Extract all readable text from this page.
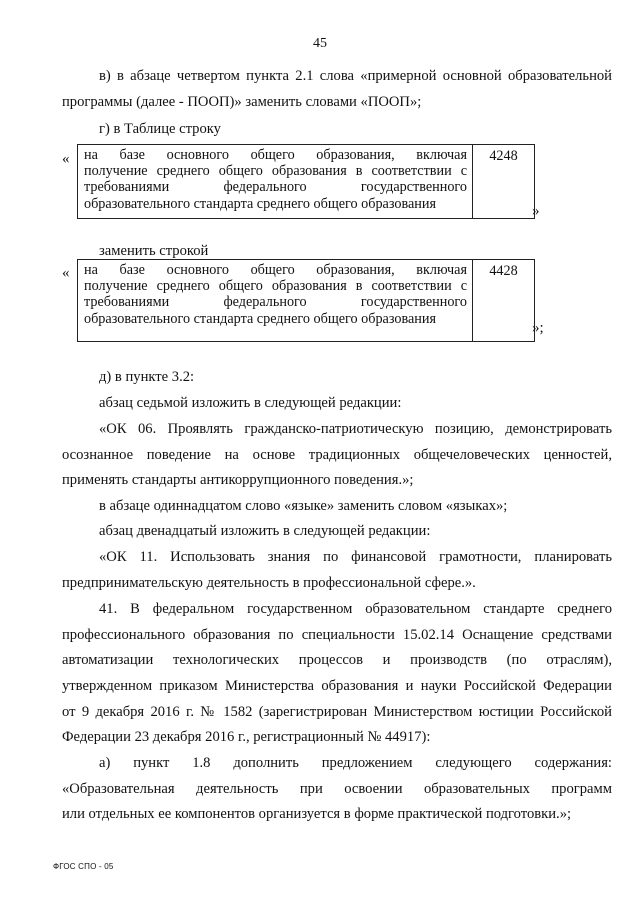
45
в) в абзаце четвертом пункта 2.1 слова «примерной основной образовательной
программы (далее - ПООП)» заменить словами «ПООП»;
г) в Таблице строку
« на базе основного общего образования, включая
получение среднего общего образования в соответствии с
требованиями федерального государственного
образовательного стандарта среднего общего образования
	4248
»
заменить строкой
« на базе основного общего образования, включая
получение среднего общего образования в соответствии с
требованиями федерального государственного
образовательного стандарта среднего общего образования
	4428
»;
д) в пункте 3.2:
абзац седьмой изложить в следующей редакции:
«ОК 06. Проявлять гражданско-патриотическую позицию, демонстрировать
осознанное поведение на основе традиционных общечеловеческих ценностей,
применять стандарты антикоррупционного поведения.»;
в абзаце одиннадцатом слово «языке» заменить словом «языках»;
абзац двенадцатый изложить в следующей редакции:
«ОК 11. Использовать знания по финансовой грамотности, планировать
предпринимательскую деятельность в профессиональной сфере.».
41. В федеральном государственном образовательном стандарте среднего
профессионального образования по специальности 15.02.14 Оснащение средствами
автоматизации технологических процессов и производств (по отраслям),
утвержденном приказом Министерства образования и науки Российской Федерации
от 9 декабря 2016 г. № 1582 (зарегистрирован Министерством юстиции Российской
Федерации 23 декабря 2016 г., регистрационный № 44917):
а) пункт 1.8 дополнить предложением следующего содержания:
«Образовательная деятельность при освоении образовательных программ
или отдельных ее компонентов организуется в форме практической подготовки.»;
ФГОС СПО - 05
